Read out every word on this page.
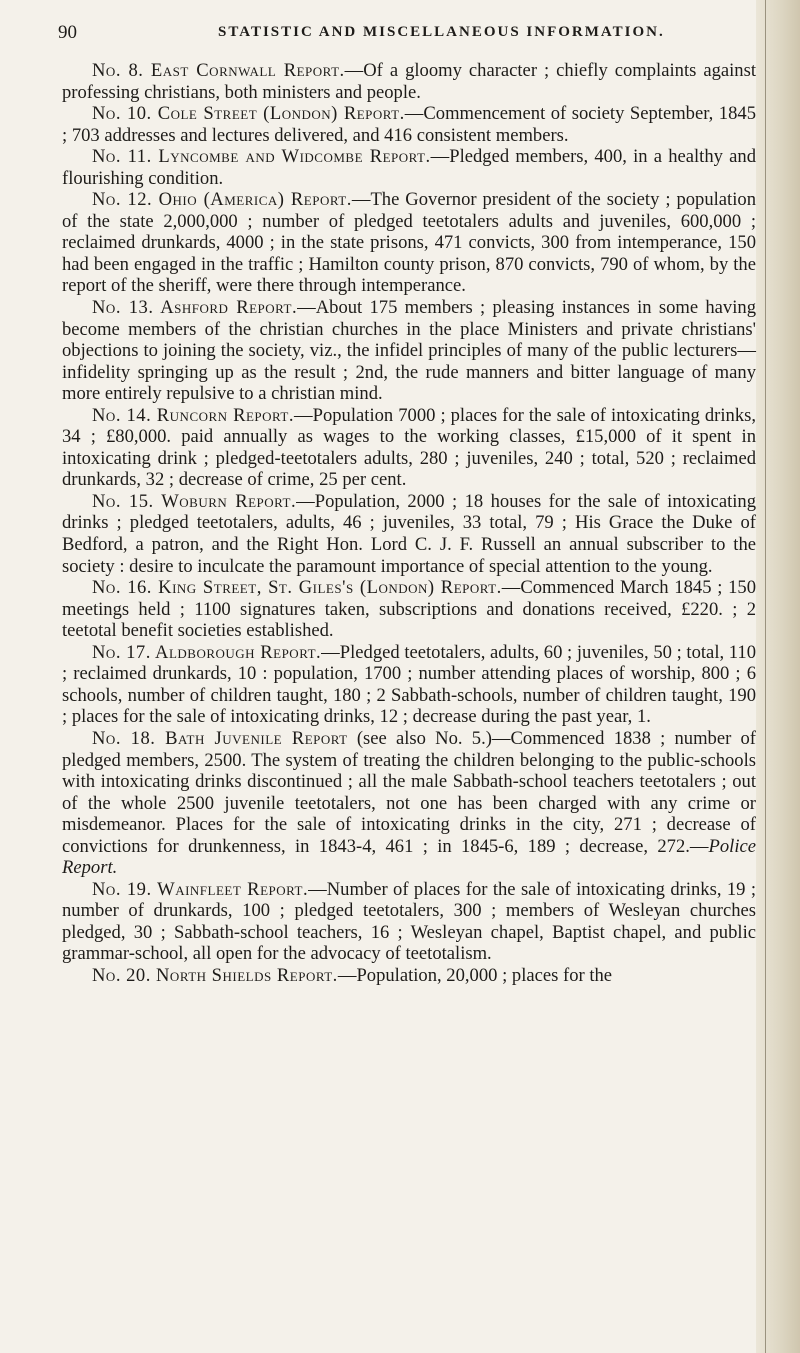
90	STATISTIC AND MISCELLANEOUS INFORMATION.

No. 8. East Cornwall Report.—Of a gloomy character ; chiefly complaints against professing christians, both ministers and people.

No. 10. Cole Street (London) Report.—Commencement of society September, 1845 ; 703 addresses and lectures delivered, and 416 consistent members.

No. 11. Lyncombe and Widcombe Report.—Pledged members, 400, in a healthy and flourishing condition.

No. 12. Ohio (America) Report.—The Governor president of the society ; population of the state 2,000,000 ; number of pledged teetotalers adults and juveniles, 600,000 ; reclaimed drunkards, 4000 ; in the state prisons, 471 convicts, 300 from intemperance, 150 had been engaged in the traffic ; Hamilton county prison, 870 convicts, 790 of whom, by the report of the sheriff, were there through intemperance.

No. 13. Ashford Report.—About 175 members ; pleasing instances in some having become members of the christian churches in the place Ministers and private christians' objections to joining the society, viz., the infidel principles of many of the public lecturers—infidelity springing up as the result ; 2nd, the rude manners and bitter language of many more entirely repulsive to a christian mind.

No. 14. Runcorn Report.—Population 7000 ; places for the sale of intoxicating drinks, 34 ; £80,000. paid annually as wages to the working classes, £15,000 of it spent in intoxicating drink ; pledged-teetotalers adults, 280 ; juveniles, 240 ; total, 520 ; reclaimed drunkards, 32 ; decrease of crime, 25 per cent.

No. 15. Woburn Report.—Population, 2000 ; 18 houses for the sale of intoxicating drinks ; pledged teetotalers, adults, 46 ; juveniles, 33 total, 79 ; His Grace the Duke of Bedford, a patron, and the Right Hon. Lord C. J. F. Russell an annual subscriber to the society : desire to inculcate the paramount importance of special attention to the young.

No. 16. King Street, St. Giles's (London) Report.—Commenced March 1845 ; 150 meetings held ; 1100 signatures taken, subscriptions and donations received, £220. ; 2 teetotal benefit societies established.

No. 17. Aldborough Report.—Pledged teetotalers, adults, 60 ; juveniles, 50 ; total, 110 ; reclaimed drunkards, 10 : population, 1700 ; number attending places of worship, 800 ; 6 schools, number of children taught, 180 ; 2 Sabbath-schools, number of children taught, 190 ; places for the sale of intoxicating drinks, 12 ; decrease during the past year, 1.

No. 18. Bath Juvenile Report (see also No. 5.)—Commenced 1838 ; number of pledged members, 2500. The system of treating the children belonging to the public-schools with intoxicating drinks discontinued ; all the male Sabbath-school teachers teetotalers ; out of the whole 2500 juvenile teetotalers, not one has been charged with any crime or misdemeanor. Places for the sale of intoxicating drinks in the city, 271 ; decrease of convictions for drunkenness, in 1843-4, 461 ; in 1845-6, 189 ; decrease, 272.—Police Report.

No. 19. Wainfleet Report.—Number of places for the sale of intoxicating drinks, 19 ; number of drunkards, 100 ; pledged teetotalers, 300 ; members of Wesleyan churches pledged, 30 ; Sabbath-school teachers, 16 ; Wesleyan chapel, Baptist chapel, and public grammar-school, all open for the advocacy of teetotalism.

No. 20. North Shields Report.—Population, 20,000 ; places for the
